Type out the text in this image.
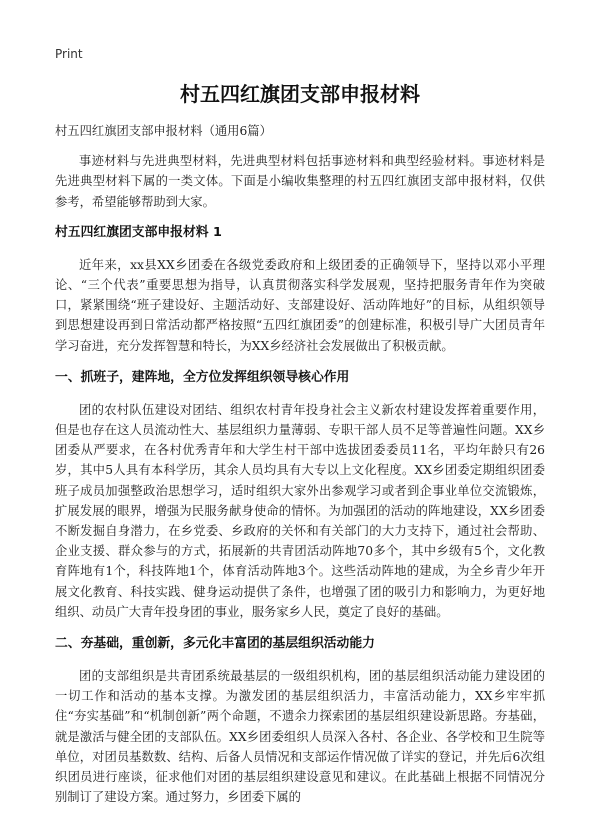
Print
村五四红旗团支部申报材料

村五四红旗团支部申报材料（通用6篇）

事迹材料与先进典型材料，先进典型材料包括事迹材料和典型经验材料。事迹材料是先进典型材料下属的一类文体。下面是小编收集整理的村五四红旗团支部申报材料，仅供参考，希望能够帮助到大家。

村五四红旗团支部申报材料 1

近年来，xx县XX乡团委在各级党委政府和上级团委的正确领导下，坚持以邓小平理论、“三个代表”重要思想为指导，认真贯彻落实科学发展观，坚持把服务青年作为突破口，紧紧围绕“班子建设好、主题活动好、支部建设好、活动阵地好”的目标，从组织领导到思想建设再到日常活动都严格按照“五四红旗团委”的创建标准，积极引导广大团员青年学习奋进，充分发挥智慧和特长，为XX乡经济社会发展做出了积极贡献。

一、抓班子，建阵地，全方位发挥组织领导核心作用

团的农村队伍建设对团结、组织农村青年投身社会主义新农村建设发挥着重要作用，但是也存在这人员流动性大、基层组织力量薄弱、专职干部人员不足等普遍性问题。XX乡团委从严要求，在各村优秀青年和大学生村干部中选拔团委委员11名，平均年龄只有26岁，其中5人具有本科学历，其余人员均具有大专以上文化程度。XX乡团委定期组织团委班子成员加强整政治思想学习，适时组织大家外出参观学习或者到企事业单位交流锻炼，扩展发展的眼界，增强为民服务献身使命的情怀。为加强团的活动的阵地建设，XX乡团委不断发掘自身潜力，在乡党委、乡政府的关怀和有关部门的大力支持下，通过社会帮助、企业支援、群众参与的方式，拓展新的共青团活动阵地70多个，其中乡级有5个，文化教育阵地有1个，科技阵地1个，体育活动阵地3个。这些活动阵地的建成，为全乡青少年开展文化教育、科技实践、健身运动提供了条件，也增强了团的吸引力和影响力，为更好地组织、动员广大青年投身团的事业，服务家乡人民，奠定了良好的基础。

二、夯基础，重创新，多元化丰富团的基层组织活动能力

团的支部组织是共青团系统最基层的一级组织机构，团的基层组织活动能力建设团的一切工作和活动的基本支撑。为激发团的基层组织活力，丰富活动能力，XX乡牢牢抓住“夯实基础”和“机制创新”两个命题，不遗余力探索团的基层组织建设新思路。夯基础，就是激活与健全团的支部队伍。XX乡团委组织人员深入各村、各企业、各学校和卫生院等单位，对团员基数数、结构、后备人员情况和支部运作情况做了详实的登记，并先后6次组织团员进行座谈，征求他们对团的基层组织建设意见和建议。在此基础上根据不同情况分别制订了建设方案。通过努力，乡团委下属的
